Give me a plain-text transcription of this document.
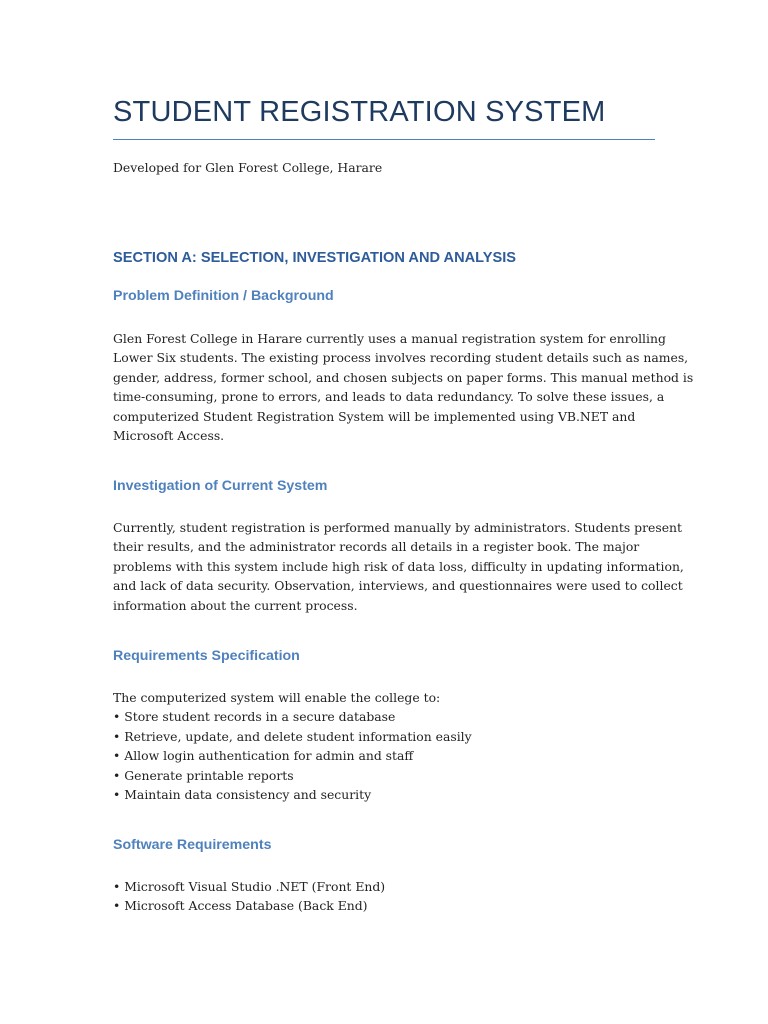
STUDENT REGISTRATION SYSTEM

Developed for Glen Forest College, Harare

SECTION A: SELECTION, INVESTIGATION AND ANALYSIS
Problem Definition / Background

Glen Forest College in Harare currently uses a manual registration system for enrolling
Lower Six students. The existing process involves recording student details such as names,
gender, address, former school, and chosen subjects on paper forms. This manual method is
time-consuming, prone to errors, and leads to data redundancy. To solve these issues, a
computerized Student Registration System will be implemented using VB.NET and
Microsoft Access.

Investigation of Current System

Currently, student registration is performed manually by administrators. Students present
their results, and the administrator records all details in a register book. The major
problems with this system include high risk of data loss, difficulty in updating information,
and lack of data security. Observation, interviews, and questionnaires were used to collect
information about the current process.

Requirements Specification
The computerized system will enable the college to:
• Store student records in a secure database
• Retrieve, update, and delete student information easily
• Allow login authentication for admin and staff
• Generate printable reports
• Maintain data consistency and security
Software Requirements
• Microsoft Visual Studio .NET (Front End)
• Microsoft Access Database (Back End)
